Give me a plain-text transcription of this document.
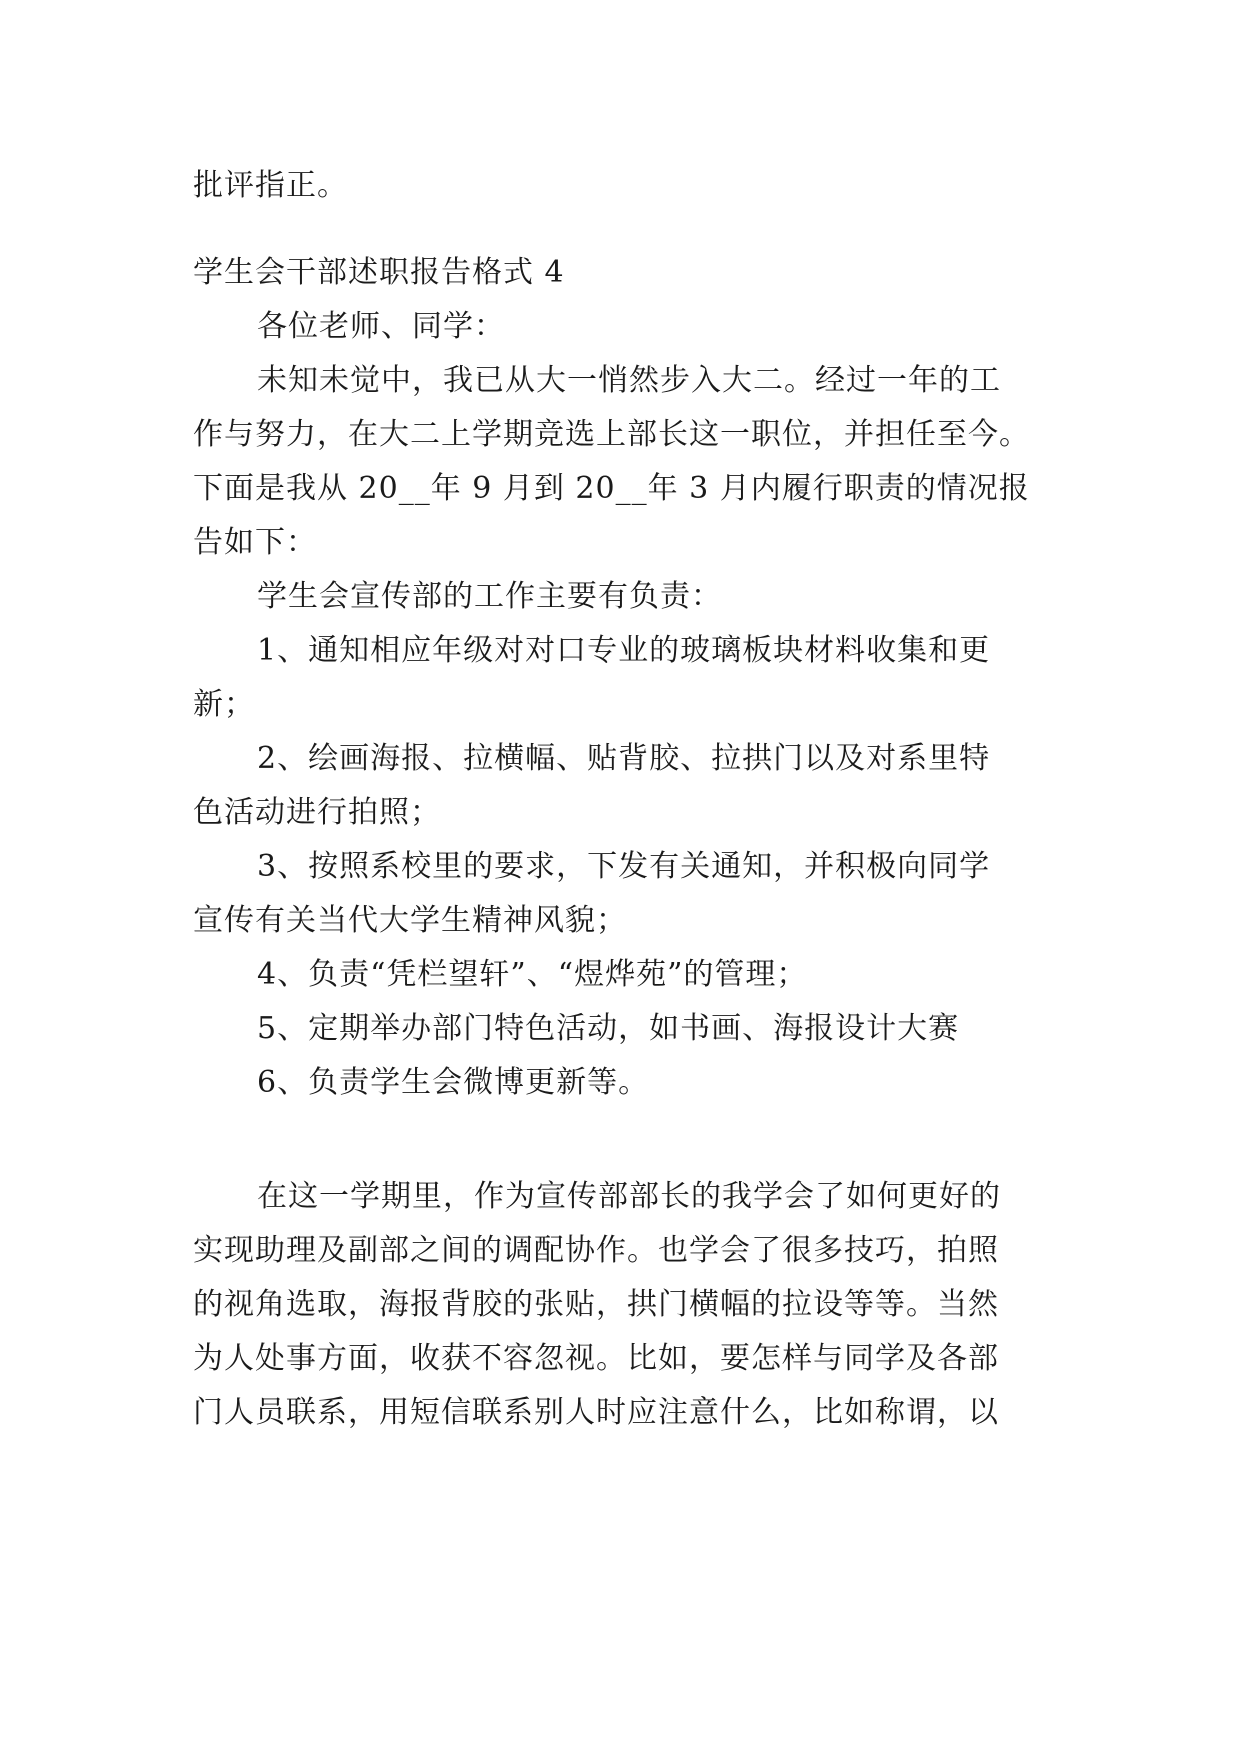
批评指正。
学生会干部述职报告格式 4
各位老师、同学：
未知未觉中，我已从大一悄然步入大二。经过一年的工
作与努力，在大二上学期竞选上部长这一职位，并担任至今。
下面是我从 20__年 9 月到 20__年 3 月内履行职责的情况报
告如下：
学生会宣传部的工作主要有负责：
1、通知相应年级对对口专业的玻璃板块材料收集和更
新；
2、绘画海报、拉横幅、贴背胶、拉拱门以及对系里特
色活动进行拍照；
3、按照系校里的要求，下发有关通知，并积极向同学
宣传有关当代大学生精神风貌；
4、负责“凭栏望轩”、“煜烨苑”的管理；
5、定期举办部门特色活动，如书画、海报设计大赛
6、负责学生会微博更新等。
在这一学期里，作为宣传部部长的我学会了如何更好的
实现助理及副部之间的调配协作。也学会了很多技巧，拍照
的视角选取，海报背胶的张贴，拱门横幅的拉设等等。当然
为人处事方面，收获不容忽视。比如，要怎样与同学及各部
门人员联系，用短信联系别人时应注意什么，比如称谓，以
